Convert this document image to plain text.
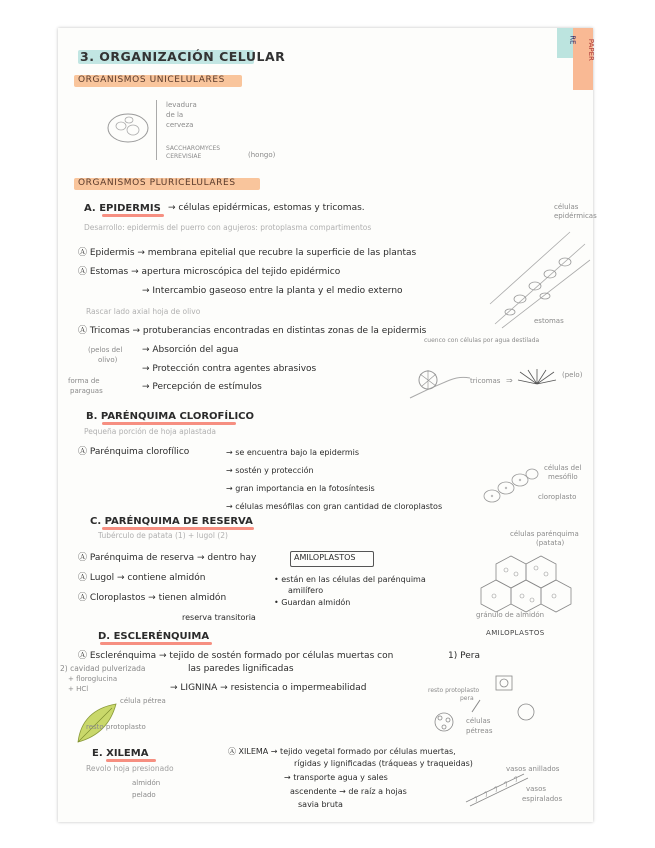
3. ORGANIZACIÓN CELULAR	PAPER
RE
ORGANISMOS UNICELULARES
levadura
de la
cerveza
SACCHAROMYCES
CEREVISIAE	(hongo)
ORGANISMOS PLURICELULARES
A. EPIDERMIS → células epidérmicas, estomas y tricomas.
Desarrollo: epidermis del puerro con agujeros: protoplasma compartimentos
Ⓐ Epidermis → membrana epitelial que recubre la superficie de las plantas
Ⓐ Estomas → apertura microscópica del tejido epidérmico
→ Intercambio gaseoso entre la planta y el medio externo
Rascar lado axial hoja de olivo
Ⓐ Tricomas → protuberancias encontradas en distintas zonas de la epidermis
(pelos del
olivo)
→ Absorción del agua
→ Protección contra agentes abrasivos
→ Percepción de estímulos
forma de
paraguas
células
epidérmicas
estomas
cuenco con células por agua destilada
tricomas ⇒
(pelo)
B. PARÉNQUIMA CLOROFÍLICO
Pequeña porción de hoja aplastada
Ⓐ Parénquima clorofílico	→ se encuentra bajo la epidermis
→ sostén y protección
→ gran importancia en la fotosíntesis
→ células mesófilas con gran cantidad de cloroplastos
células del
mesófilo
cloroplasto
C. PARÉNQUIMA DE RESERVA
Tubérculo de patata (1) + lugol (2)
Ⓐ Parénquima de reserva → dentro hay	AMILOPLASTOS
Ⓐ Lugol → contiene almidón	• están en las células del parénquima
amilífero
• Guardan almidón
Ⓐ Cloroplastos → tienen almidón
reserva transitoria
células parénquima
(patata)
gránulo de almidón
AMILOPLASTOS
D. ESCLERÉNQUIMA
Ⓐ Esclerénquima → tejido de sostén formado por células muertas con	1) Pera
las paredes lignificadas
→ LIGNINA → resistencia o impermeabilidad
2) cavidad pulverizada
+ floroglucina
+ HCl
célula pétrea
resto protoplasto
resto protoplasto
pera
células
pétreas
E. XILEMA
Revolo hoja presionado
almidón
pelado
Ⓐ XILEMA → tejido vegetal formado por células muertas,
rígidas y lignificadas (tráqueas y traqueidas)
→ transporte agua y sales
ascendente → de raíz a hojas
savia bruta
vasos anillados
vasos
espiralados
